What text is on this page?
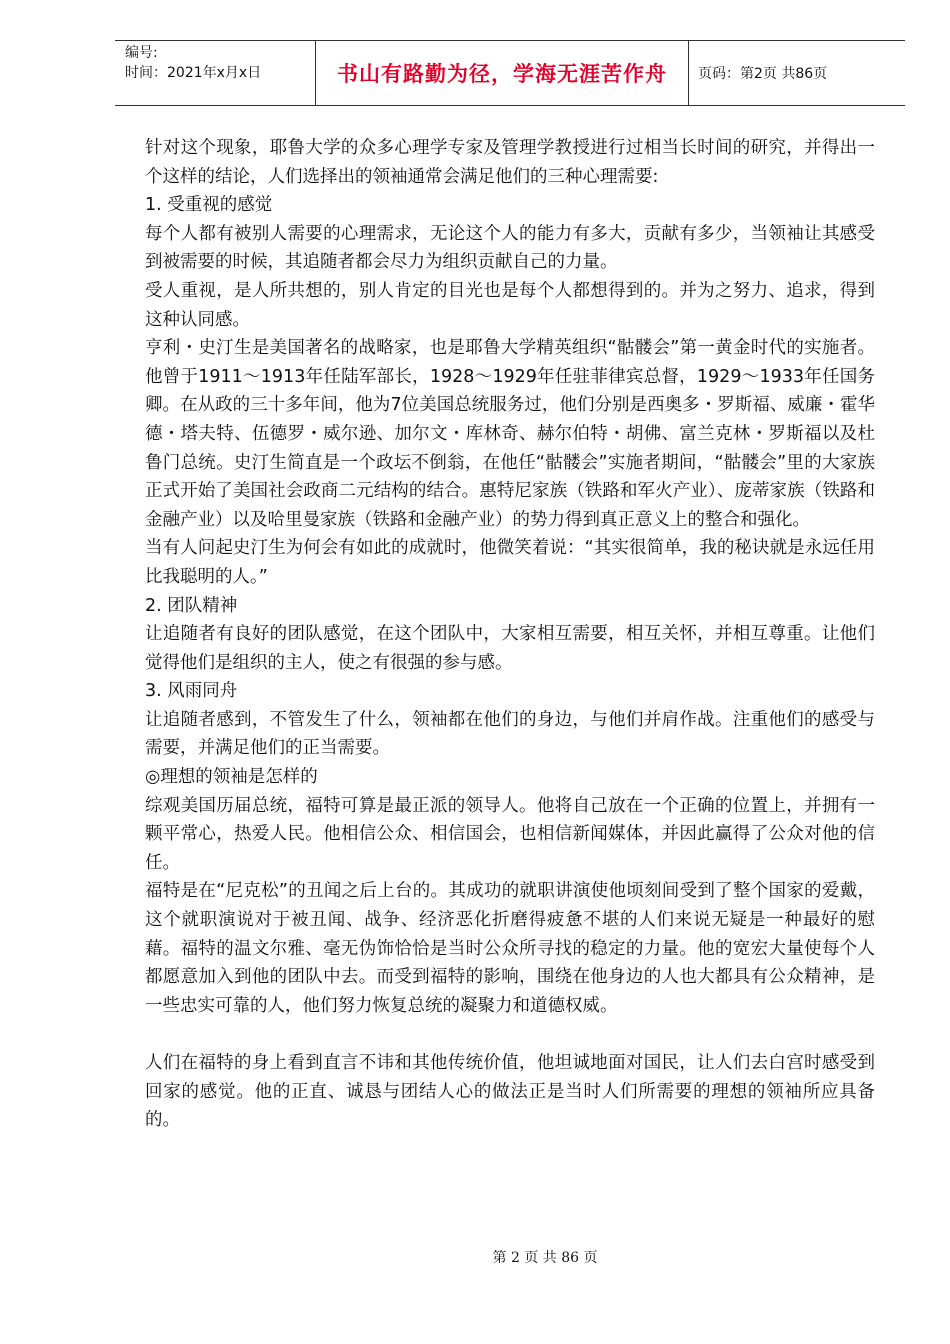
编号:
时间：2021年x月x日	书山有路勤为径，学海无涯苦作舟	页码：第2页 共86页

针对这个现象，耶鲁大学的众多心理学专家及管理学教授进行过相当长时间的研究，并得出一个这样的结论，人们选择出的领袖通常会满足他们的三种心理需要:

1. 受重视的感觉

每个人都有被别人需要的心理需求，无论这个人的能力有多大，贡献有多少，当领袖让其感受到被需要的时候，其追随者都会尽力为组织贡献自己的力量。

受人重视，是人所共想的，别人肯定的目光也是每个人都想得到的。并为之努力、追求，得到这种认同感。

亨利・史汀生是美国著名的战略家，也是耶鲁大学精英组织“骷髅会”第一黄金时代的实施者。他曾于1911～1913年任陆军部长，1928～1929年任驻菲律宾总督，1929～1933年任国务卿。在从政的三十多年间，他为7位美国总统服务过，他们分别是西奥多・罗斯福、威廉・霍华德・塔夫特、伍德罗・威尔逊、加尔文・库林奇、赫尔伯特・胡佛、富兰克林・罗斯福以及杜鲁门总统。史汀生简直是一个政坛不倒翁，在他任“骷髅会”实施者期间，“骷髅会”里的大家族正式开始了美国社会政商二元结构的结合。惠特尼家族（铁路和军火产业）、庞蒂家族（铁路和金融产业）以及哈里曼家族（铁路和金融产业）的势力得到真正意义上的整合和强化。

当有人问起史汀生为何会有如此的成就时，他微笑着说：“其实很简单，我的秘诀就是永远任用比我聪明的人。”

2. 团队精神

让追随者有良好的团队感觉，在这个团队中，大家相互需要，相互关怀，并相互尊重。让他们觉得他们是组织的主人，使之有很强的参与感。

3. 风雨同舟

让追随者感到，不管发生了什么，领袖都在他们的身边，与他们并肩作战。注重他们的感受与需要，并满足他们的正当需要。

◎理想的领袖是怎样的

综观美国历届总统，福特可算是最正派的领导人。他将自己放在一个正确的位置上，并拥有一颗平常心，热爱人民。他相信公众、相信国会，也相信新闻媒体，并因此赢得了公众对他的信任。

福特是在“尼克松”的丑闻之后上台的。其成功的就职讲演使他顷刻间受到了整个国家的爱戴，这个就职演说对于被丑闻、战争、经济恶化折磨得疲惫不堪的人们来说无疑是一种最好的慰藉。福特的温文尔雅、毫无伪饰恰恰是当时公众所寻找的稳定的力量。他的宽宏大量使每个人都愿意加入到他的团队中去。而受到福特的影响，围绕在他身边的人也大都具有公众精神，是一些忠实可靠的人，他们努力恢复总统的凝聚力和道德权威。

人们在福特的身上看到直言不讳和其他传统价值，他坦诚地面对国民，让人们去白宫时感受到回家的感觉。他的正直、诚恳与团结人心的做法正是当时人们所需要的理想的领袖所应具备的。

第 2 页 共 86 页
